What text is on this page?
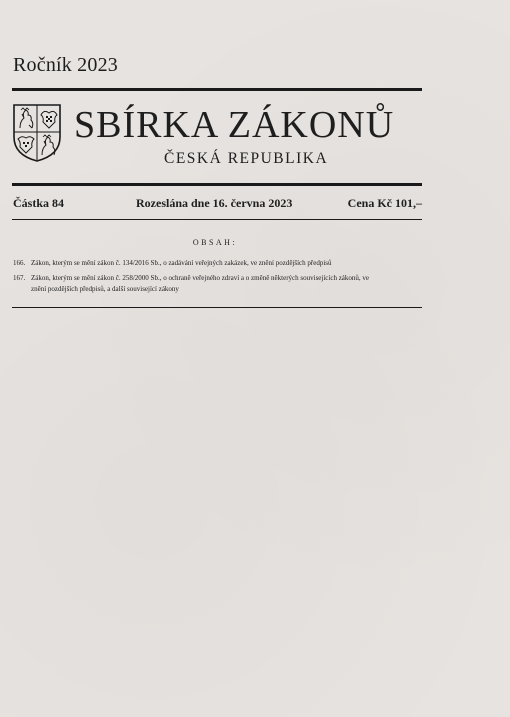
Ročník 2023
SBÍRKA ZÁKONŮ
ČESKÁ REPUBLIKA
Částka 84	Rozeslána dne 16. června 2023	Cena Kč 101,–
OBSAH:
166. Zákon, kterým se mění zákon č. 134/2016 Sb., o zadávání veřejných zakázek, ve znění pozdějších předpisů
167. Zákon, kterým se mění zákon č. 258/2000 Sb., o ochraně veřejného zdraví a o změně některých souvisejících zákonů, ve
znění pozdějších předpisů, a další související zákony
